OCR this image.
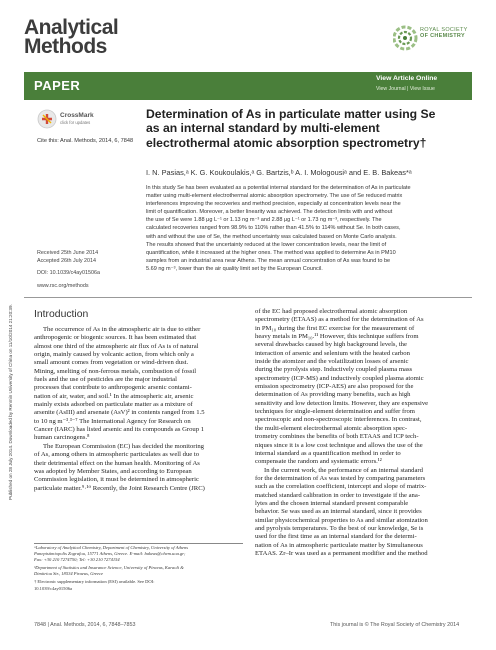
Published on 28 July 2014. Downloaded by Renmin University of China on 11/10/2014 21:20:39.
Analytical
Methods
ROYAL SOCIETY
OF CHEMISTRY
PAPER	View Article Online
View Journal | View Issue
CrossMark
click for updates
Cite this: Anal. Methods, 2014, 6, 7848
Received 25th June 2014
Accepted 26th July 2014
DOI: 10.1039/c4ay01506a
www.rsc.org/methods
Determination of As in particulate matter using Se
as an internal standard by multi-element
electrothermal atomic absorption spectrometry†
I. N. Pasias,ᵃ K. G. Koukoulakis,ᵃ G. Bartzis,ᵇ A. I. Mologousiᵃ and E. B. Bakeas*ᵃ
In this study Se has been evaluated as a potential internal standard for the determination of As in particulate
matter using multi-element electrothermal atomic absorption spectrometry. The use of Se reduced matrix
interferences improving the recoveries and method precision, especially at concentration levels near the
limit of quantification. Moreover, a better linearity was achieved. The detection limits with and without
the use of Se were 1.88 μg L⁻¹ or 1.13 ng m⁻³ and 2.88 μg L⁻¹ or 1.73 ng m⁻³, respectively. The
calculated recoveries ranged from 98.9% to 110% rather than 41.5% to 114% without Se. In both cases,
with and without the use of Se, the method uncertainty was calculated based on Monte Carlo analysis.
The results showed that the uncertainty reduced at the lower concentration levels, near the limit of
quantification, while it increased at the higher ones. The method was applied to determine As in PM10
samples from an industrial area near Athens. The mean annual concentration of As was found to be
5.69 ng m⁻³, lower than the air quality limit set by the European Council.
Introduction
The occurrence of As in the atmospheric air is due to either
anthropogenic or biogenic sources. It has been estimated that
almost one third of the atmospheric air flux of As is of natural
origin, mainly caused by volcanic action, from which only a
small amount comes from vegetation or wind-driven dust.
Mining, smelting of non-ferrous metals, combustion of fossil
fuels and the use of pesticides are the major industrial
processes that contribute to anthropogenic arsenic contami-
nation of air, water, and soil.¹ In the atmospheric air, arsenic
mainly exists adsorbed on particulate matter as a mixture of
arsenite (AsIII) and arsenate (AsV)² in contents ranged from 1.5
to 10 ng m⁻³.³⁻⁷ The International Agency for Research on
Cancer (IARC) has listed arsenic and its compounds as Group 1
human carcinogens.⁸
The European Commission (EC) has decided the monitoring
of As, among others in atmospheric particulates as well due to
their detrimental effect on the human health. Monitoring of As
was adopted by Member States, and according to European
Commission legislation, it must be determined in atmospheric
particulate matter.⁹·¹⁰ Recently, the Joint Research Centre (JRC)
of the EC had proposed electrothermal atomic absorption
spectrometry (ETAAS) as a method for the determination of As
in PM₁₀ during the first EC exercise for the measurement of
heavy metals in PM₁₀.¹¹ However, this technique suffers from
several drawbacks caused by high background levels, the
interaction of arsenic and selenium with the heated carbon
inside the atomizer and the volatilization losses of arsenic
during the pyrolysis step. Inductively coupled plasma mass
spectrometry (ICP-MS) and inductively coupled plasma atomic
emission spectrometry (ICP-AES) are also proposed for the
determination of As providing many benefits, such as high
sensitivity and low detection limits. However, they are expensive
techniques for single-element determination and suffer from
spectroscopic and non-spectroscopic interferences. In contrast,
the multi-element electrothermal atomic absorption spec-
trometry combines the benefits of both ETAAS and ICP tech-
niques since it is a low cost technique and allows the use of the
internal standard as a quantification method in order to
compensate the random and systematic errors.¹²
In the current work, the performance of an internal standard
for the determination of As was tested by comparing parameters
such as the correlation coefficient, intercept and slope of matrix-
matched standard calibration in order to investigate if the ana-
lytes and the chosen internal standard present comparable
behavior. Se was used as an internal standard, since it provides
similar physicochemical properties to As and similar atomization
and pyrolysis temperatures. To the best of our knowledge, Se is
used for the first time as an internal standard for the determi-
nation of As in atmospheric particulate matter by Simultaneous
ETAAS. Zr–Ir was used as a permanent modifier and the method
ᵃLaboratory of Analytical Chemistry, Department of Chemistry, University of Athens
Panepistimiopolis Zografou, 15771 Athens, Greece. E-mail: bakeas@chem.uoa.gr;
Fax: +30 210 7274750; Tel: +30 210 7274154
ᵇDepartment of Statistics and Insurance Science, University of Piraeus, Karaoli &
Dimitriou Str., 18534 Piraeus, Greece
† Electronic supplementary information (ESI) available. See DOI:
10.1039/c4ay01506a
7848 | Anal. Methods, 2014, 6, 7848–7853	This journal is © The Royal Society of Chemistry 2014
